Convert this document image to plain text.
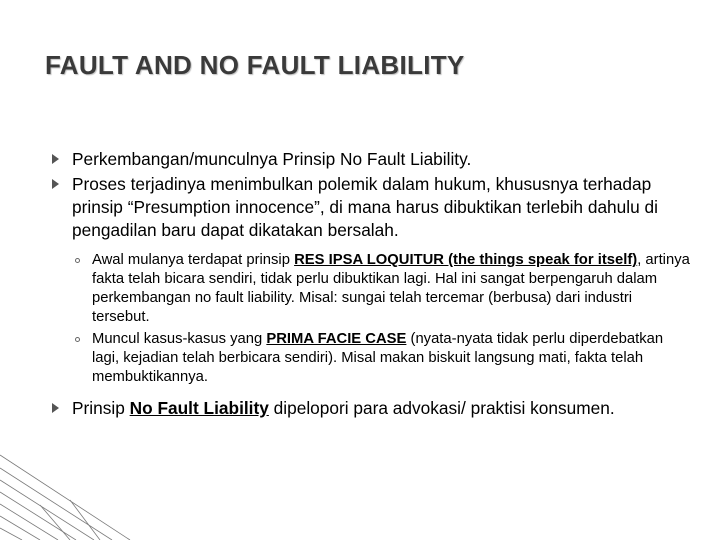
FAULT AND NO FAULT LIABILITY
Perkembangan/munculnya Prinsip No Fault Liability.
Proses terjadinya menimbulkan polemik dalam hukum, khususnya terhadap prinsip “Presumption innocence”, di mana harus dibuktikan terlebih dahulu di pengadilan baru dapat dikatakan bersalah.
Awal mulanya terdapat prinsip RES IPSA LOQUITUR (the things speak for itself), artinya fakta telah bicara sendiri, tidak perlu dibuktikan lagi. Hal ini sangat berpengaruh dalam perkembangan no fault liability. Misal: sungai telah tercemar (berbusa) dari industri tersebut.
Muncul kasus-kasus yang PRIMA FACIE CASE (nyata-nyata tidak perlu diperdebatkan lagi, kejadian telah berbicara sendiri). Misal makan biskuit langsung mati, fakta telah membuktikannya.
Prinsip No Fault Liability dipelopori para advokasi/ praktisi konsumen.
